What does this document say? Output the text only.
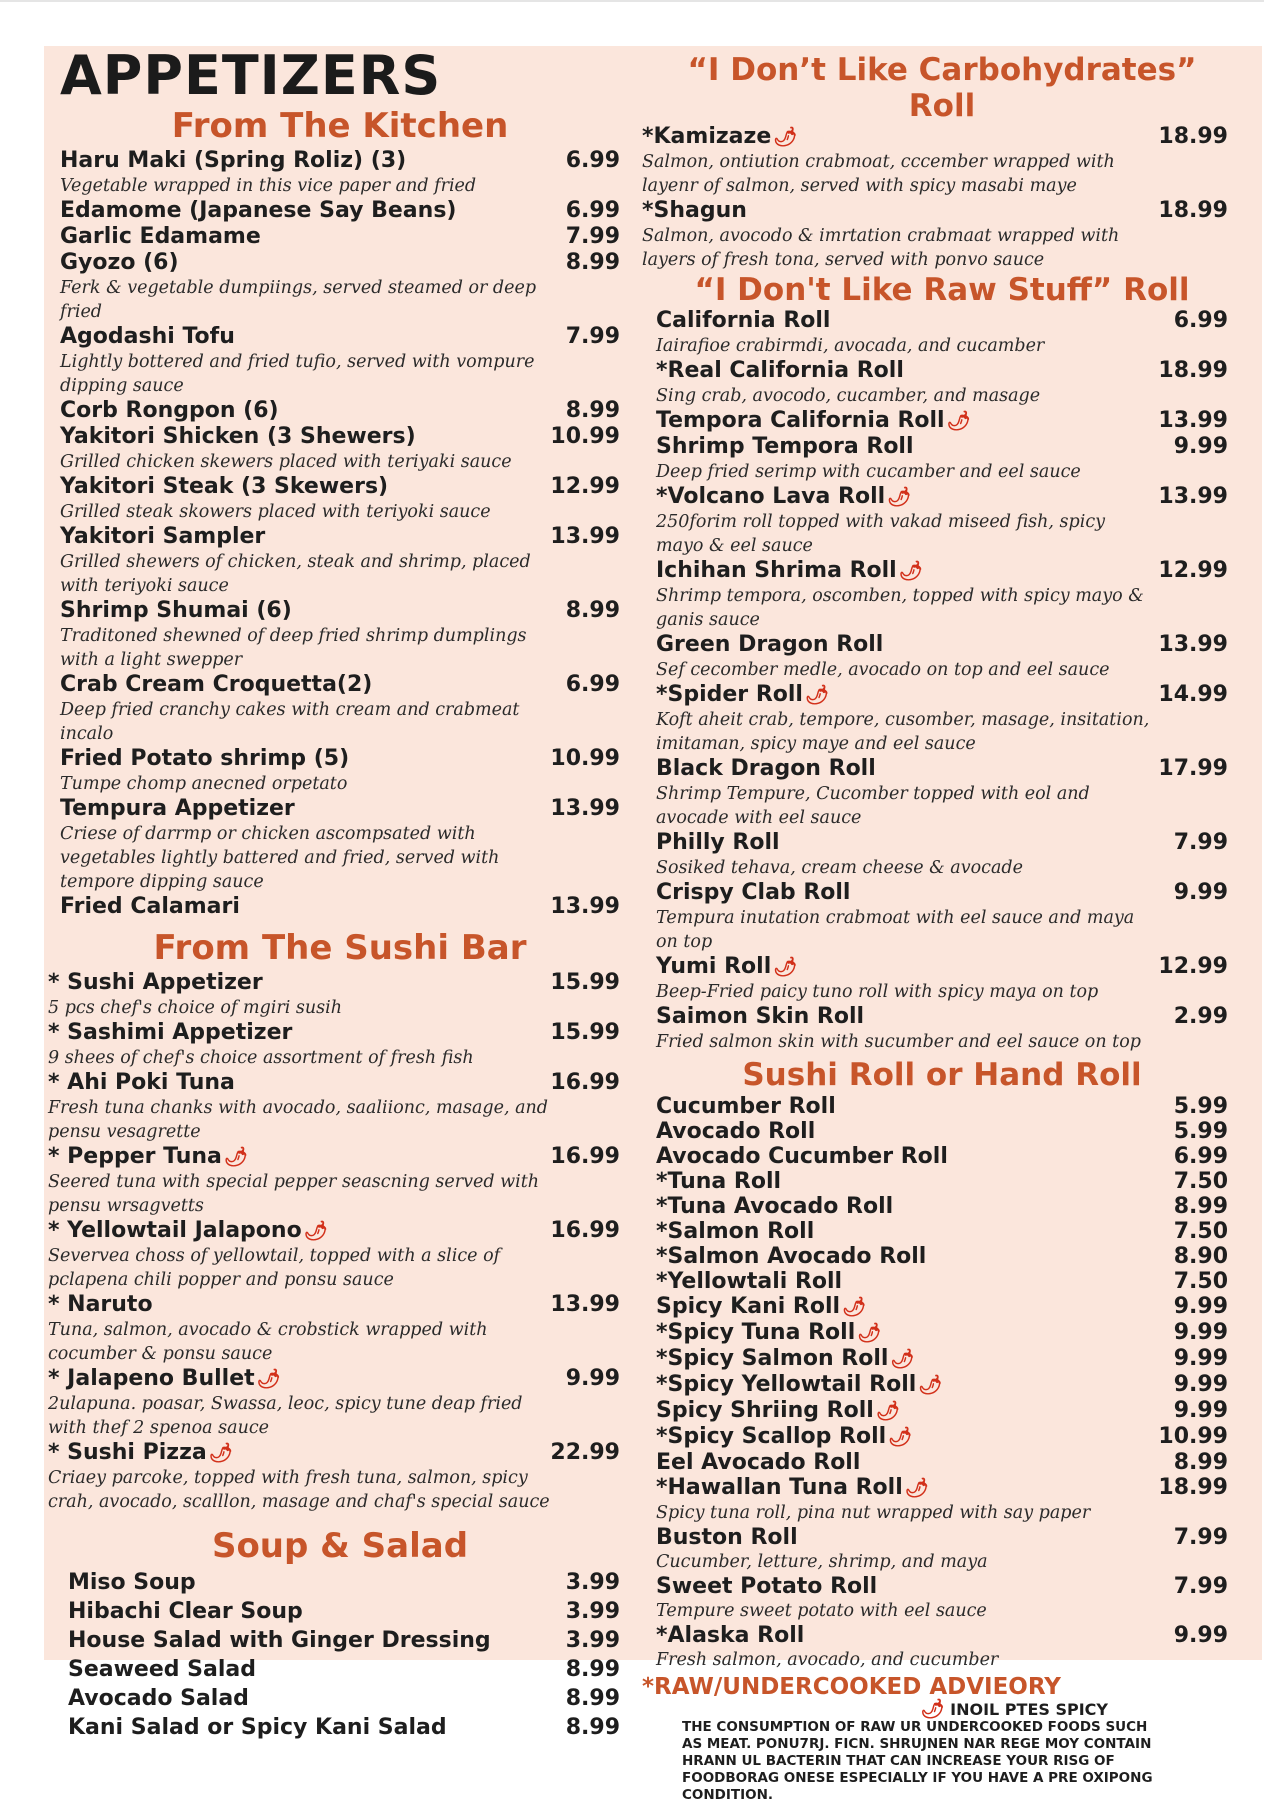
APPETIZERS
From The Kitchen
Haru Maki (Spring Roliz) (3)	6.99
Vegetable wrapped in this vice paper and fried
Edamome (Japanese Say Beans)	6.99
Garlic Edamame	7.99
Gyozo (6)	8.99
Ferk & vegetable dumpiings, served steamed or deep fried
Agodashi Tofu	7.99
Lightly bottered and fried tufio, served with vompure dipping sauce
Corb Rongpon (6)	8.99
Yakitori Shicken (3 Shewers)	10.99
Grilled chicken skewers placed with teriyaki sauce
Yakitori Steak (3 Skewers)	12.99
Grilled steak skowers placed with teriyoki sauce
Yakitori Sampler	13.99
Grilled shewers of chicken, steak and shrimp, placed with teriyoki sauce
Shrimp Shumai (6)	8.99
Traditoned shewned of deep fried shrimp dumplings with a light swepper
Crab Cream Croquetta(2)	6.99
Deep fried cranchy cakes with cream and crabmeat incalo
Fried Potato shrimp (5)	10.99
Tumpe chomp anecned orpetato
Tempura Appetizer	13.99
Criese of darrmp or chicken ascompsated with vegetables lightly battered and fried, served with tempore dipping sauce
Fried Calamari	13.99
From The Sushi Bar
* Sushi Appetizer	15.99
5 pcs chef's choice of mgiri susih
* Sashimi Appetizer	15.99
9 shees of chef's choice assortment of fresh fish
* Ahi Poki Tuna	16.99
Fresh tuna chanks with avocado, saaliionc, masage, and pensu vesagrette
* Pepper Tuna 🌶	16.99
Seered tuna with special pepper seascning served with pensu wrsagvetts
* Yellowtail Jalapono 🌶	16.99
Severvea choss of yellowtail, topped with a slice of pclapena chili popper and ponsu sauce
* Naruto	13.99
Tuna, salmon, avocado & crobstick wrapped with cocumber & ponsu sauce
* Jalapeno Bullet 🌶	9.99
2ulapuna. poasar, Swassa, leoc, spicy tune deap fried with thef 2 spenoa sauce
* Sushi Pizza 🌶	22.99
Criaey parcoke, topped with fresh tuna, salmon, spicy crah, avocado, scalllon, masage and chaf's special sauce
Soup & Salad
Miso Soup	3.99
Hibachi Clear Soup	3.99
House Salad with Ginger Dressing	3.99
Seaweed Salad	8.99
Avocado Salad	8.99
Kani Salad or Spicy Kani Salad	8.99
“I Don’t Like Carbohydrates” Roll
*Kamizaze 🌶	18.99
Salmon, ontiution crabmoat, cccember wrapped with layenr of salmon, served with spicy masabi maye
*Shagun	18.99
Salmon, avocodo & imrtation crabmaat wrapped with layers of fresh tona, served with ponvo sauce
“I Don't Like Raw Stuff” Roll
California Roll	6.99
Iairafioe crabirmdi, avocada, and cucamber
*Real California Roll	18.99
Sing crab, avocodo, cucamber, and masage
Tempora California Roll 🌶	13.99
Shrimp Tempora Roll	9.99
Deep fried serimp with cucamber and eel sauce
*Volcano Lava Roll 🌶	13.99
250forim roll topped with vakad miseed fish, spicy mayo & eel sauce
Ichihan Shrima Roll 🌶	12.99
Shrimp tempora, oscomben, topped with spicy mayo & ganis sauce
Green Dragon Roll	13.99
Sef cecomber medle, avocado on top and eel sauce
*Spider Roll 🌶	14.99
Koft aheit crab, tempore, cusomber, masage, insitation, imitaman, spicy maye and eel sauce
Black Dragon Roll	17.99
Shrimp Tempure, Cucomber topped with eol and avocade with eel sauce
Philly Roll	7.99
Sosiked tehava, cream cheese & avocade
Crispy Clab Roll	9.99
Tempura inutation crabmoat with eel sauce and maya on top
Yumi Roll 🌶	12.99
Beep-Fried paicy tuno roll with spicy maya on top
Saimon Skin Roll	2.99
Fried salmon skin with sucumber and eel sauce on top
Sushi Roll or Hand Roll
Cucumber Roll	5.99
Avocado Roll	5.99
Avocado Cucumber Roll	6.99
*Tuna Roll	7.50
*Tuna Avocado Roll	8.99
*Salmon Roll	7.50
*Salmon Avocado Roll	8.90
*Yellowtali Roll	7.50
Spicy Kani Roll 🌶	9.99
*Spicy Tuna Roll 🌶	9.99
*Spicy Salmon Roll 🌶	9.99
*Spicy Yellowtail Roll 🌶	9.99
Spicy Shriing Roll 🌶	9.99
*Spicy Scallop Roll 🌶	10.99
Eel Avocado Roll	8.99
*Hawallan Tuna Roll 🌶	18.99
Spicy tuna roll, pina nut wrapped with say paper
Buston Roll	7.99
Cucumber, letture, shrimp, and maya
Sweet Potato Roll	7.99
Tempure sweet potato with eel sauce
*Alaska Roll	9.99
Fresh salmon, avocado, and cucumber
*RAW/UNDERCOOKED ADVIEORY
🌶 INOIL PTES SPICY
THE CONSUMPTION OF RAW UR UNDERCOOKED FOODS SUCH AS MEAT. PONU7RJ. FICN. SHRUJNEN NAR REGE MOY CONTAIN HRANN UL BACTERIN THAT CAN INCREASE YOUR RISG OF FOODBORAG ONESE ESPECIALLY IF YOU HAVE A PRE OXIPONG CONDITION.
